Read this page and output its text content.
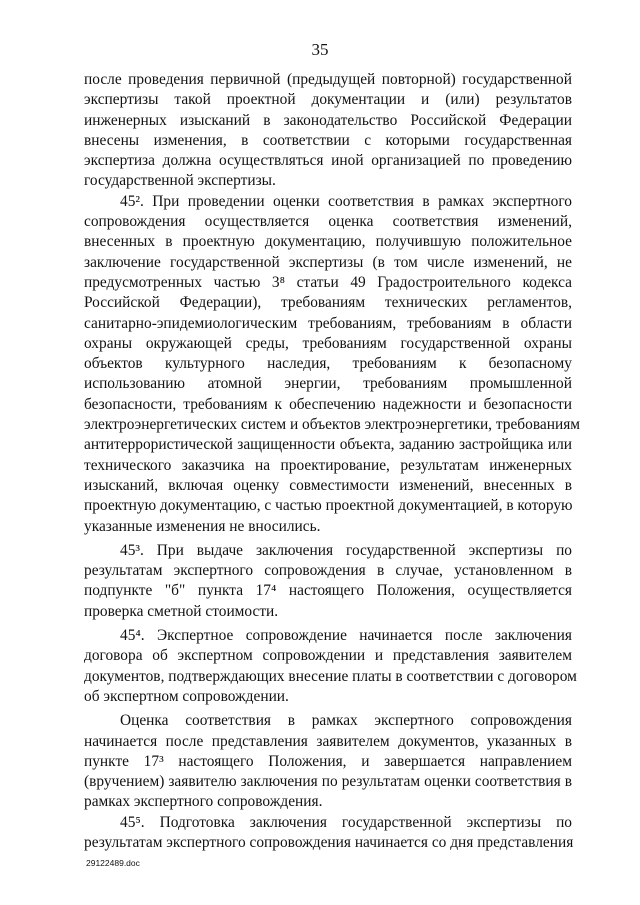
35
после проведения первичной (предыдущей повторной) государственной
экспертизы такой проектной документации и (или) результатов
инженерных изысканий в законодательство Российской Федерации
внесены изменения, в соответствии с которыми государственная
экспертиза должна осуществляться иной организацией по проведению
государственной экспертизы.
45². При проведении оценки соответствия в рамках экспертного
сопровождения осуществляется оценка соответствия изменений,
внесенных в проектную документацию, получившую положительное
заключение государственной экспертизы (в том числе изменений, не
предусмотренных частью 3⁸ статьи 49 Градостроительного кодекса
Российской Федерации), требованиям технических регламентов,
санитарно-эпидемиологическим требованиям, требованиям в области
охраны окружающей среды, требованиям государственной охраны
объектов культурного наследия, требованиям к безопасному
использованию атомной энергии, требованиям промышленной
безопасности, требованиям к обеспечению надежности и безопасности
электроэнергетических систем и объектов электроэнергетики, требованиям
антитеррористической защищенности объекта, заданию застройщика или
технического заказчика на проектирование, результатам инженерных
изысканий, включая оценку совместимости изменений, внесенных в
проектную документацию, с частью проектной документацией, в которую
указанные изменения не вносились.
45³. При выдаче заключения государственной экспертизы по
результатам экспертного сопровождения в случае, установленном в
подпункте "б" пункта 17⁴ настоящего Положения, осуществляется
проверка сметной стоимости.
45⁴. Экспертное сопровождение начинается после заключения
договора об экспертном сопровождении и представления заявителем
документов, подтверждающих внесение платы в соответствии с договором
об экспертном сопровождении.
Оценка соответствия в рамках экспертного сопровождения
начинается после представления заявителем документов, указанных в
пункте 17³ настоящего Положения, и завершается направлением
(вручением) заявителю заключения по результатам оценки соответствия в
рамках экспертного сопровождения.
45⁵. Подготовка заключения государственной экспертизы по
результатам экспертного сопровождения начинается со дня представления
29122489.doc
